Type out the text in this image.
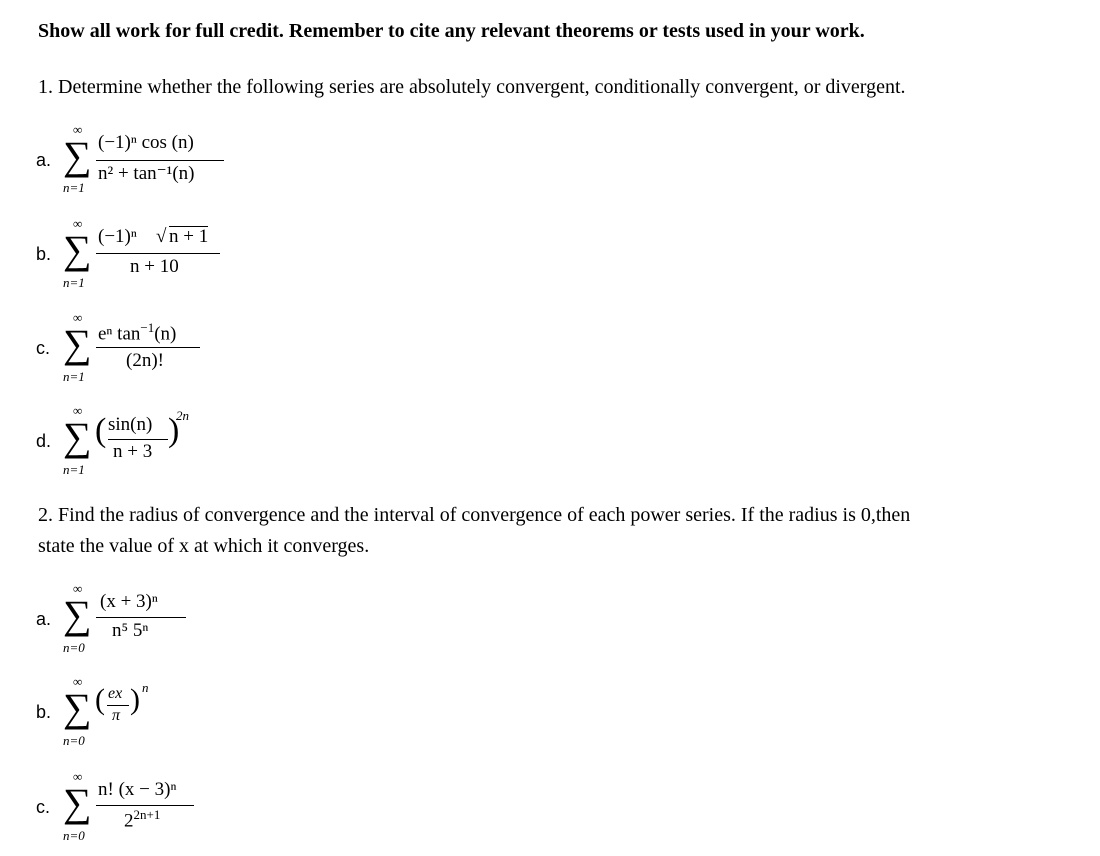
Show all work for full credit. Remember to cite any relevant theorems or tests used in your work.
1. Determine whether the following series are absolutely convergent, conditionally convergent, or divergent.
a.
∞
∑
n=1
(−1)ⁿ cos (n)
n² + tan⁻¹(n)
b.
∞
∑
n=1
(−1)ⁿ √ n + 1
n + 10
c.
∞
∑
n=1
eⁿ $\tan^{-1}(n)$
(2n)!
d.
∞
∑
n=1
( sin(n)
n + 3
)
2n
2. Find the radius of convergence and the interval of convergence of each power series. If the radius is 0,then
state the value of x at which it converges.
a.
∞
∑
n=0
(x + 3)ⁿ
n⁵ 5ⁿ
b.
∞
∑
n=0
( ex
π ) n
c.
∞
∑
n=0
n! (x − 3)ⁿ
$2^{2n+1}$
